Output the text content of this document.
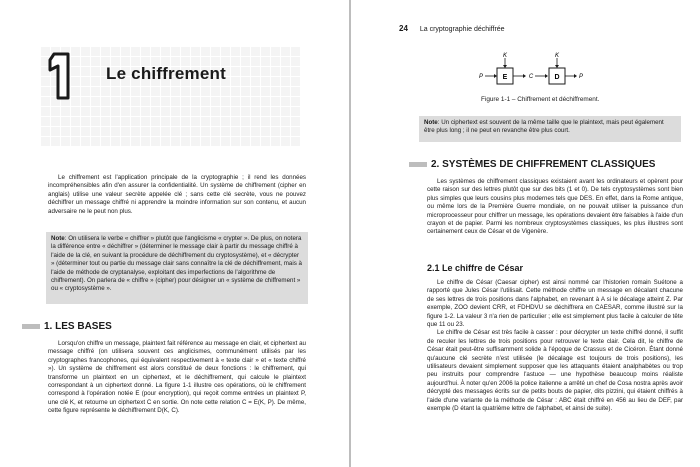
1
Le chiffrement

Le chiffrement est l'application principale de la cryptographie ; il rend les données incompréhensibles afin d'en assurer la confidentialité. Un système de chiffrement (cipher en anglais) utilise une valeur secrète appelée clé ; sans cette clé secrète, vous ne pouvez déchiffrer un message chiffré ni apprendre la moindre information sur son contenu, et aucun adversaire ne le peut non plus.

Note: On utilisera le verbe « chiffrer » plutôt que l'anglicisme « crypter ». De plus, on notera la différence entre « déchiffrer » (déterminer le message clair à partir du message chiffré à l'aide de la clé, en suivant la procédure de déchiffrement du cryptosystème), et « décrypter » (déterminer tout ou partie du message clair sans connaître la clé de déchiffrement, mais à l'aide de méthode de cryptanalyse, exploitant des imperfections de l'algorithme de chiffrement). On parlera de « chiffre » (cipher) pour désigner un « système de chiffrement » ou « cryptosystème ».
1. LES BASES

Lorsqu'on chiffre un message, plaintext fait référence au message en clair, et ciphertext au message chiffré (on utilisera souvent ces anglicismes, communément utilisés par les cryptographes francophones, qui équivalent respectivement à « texte clair » et « texte chiffré »). Un système de chiffrement est alors constitué de deux fonctions : le chiffrement, qui transforme un plaintext en un ciphertext, et le déchiffrement, qui calcule le plaintext correspondant à un ciphertext donné. La figure 1-1 illustre ces opérations, où le chiffrement correspond à l'opération notée E (pour encryption), qui reçoit comme entrées un plaintext P, une clé K, et retourne un ciphertext C en sortie. On note cette relation C = E(K, P). De même, cette figure représente le déchiffrement D(K, C).

24 La cryptographie déchiffrée
E
K
P	C	D
K
P
Figure 1-1 – Chiffrement et déchiffrement.
Note: Un ciphertext est souvent de la même taille que le plaintext, mais peut également être plus long ; il ne peut en revanche être plus court.
2. SYSTÈMES DE CHIFFREMENT CLASSIQUES

Les systèmes de chiffrement classiques existaient avant les ordinateurs et opèrent pour cette raison sur des lettres plutôt que sur des bits (1 et 0). De tels cryptosystèmes sont bien plus simples que leurs cousins plus modernes tels que DES. En effet, dans la Rome antique, ou même lors de la Première Guerre mondiale, on ne pouvait utiliser la puissance d'un microprocesseur pour chiffrer un message, les opérations devaient être faisables à l'aide d'un crayon et de papier. Parmi les nombreux cryptosystèmes classiques, les plus illustres sont certainement ceux de César et de Vigenère.

2.1 Le chiffre de César

Le chiffre de César (Caesar cipher) est ainsi nommé car l'historien romain Suétone a rapporté que Jules César l'utilisait. Cette méthode chiffre un message en décalant chacune de ses lettres de trois positions dans l'alphabet, en revenant à A si le décalage atteint Z. Par exemple, ZOO devient CRR, et FDHDVU se déchiffrera en CAESAR, comme illustré sur la figure 1-2. La valeur 3 n'a rien de particulier ; elle est simplement plus facile à calculer de tête que 11 ou 23.

Le chiffre de César est très facile à casser : pour décrypter un texte chiffré donné, il suffit de reculer les lettres de trois positions pour retrouver le texte clair. Cela dit, le chiffre de César était peut-être suffisamment solide à l'époque de Crassus et de Cicéron. Étant donné qu'aucune clé secrète n'est utilisée (le décalage est toujours de trois positions), les utilisateurs devaient simplement supposer que les attaquants étaient analphabètes ou trop peu instruits pour comprendre l'astuce — une hypothèse beaucoup moins réaliste aujourd'hui. À noter qu'en 2006 la police italienne a arrêté un chef de Cosa nostra après avoir décrypté des messages écrits sur de petits bouts de papier, dits pizzini, qui étaient chiffrés à l'aide d'une variante de la méthode de César : ABC était chiffré en 456 au lieu de DEF, par exemple (D étant la quatrième lettre de l'alphabet, et ainsi de suite).
